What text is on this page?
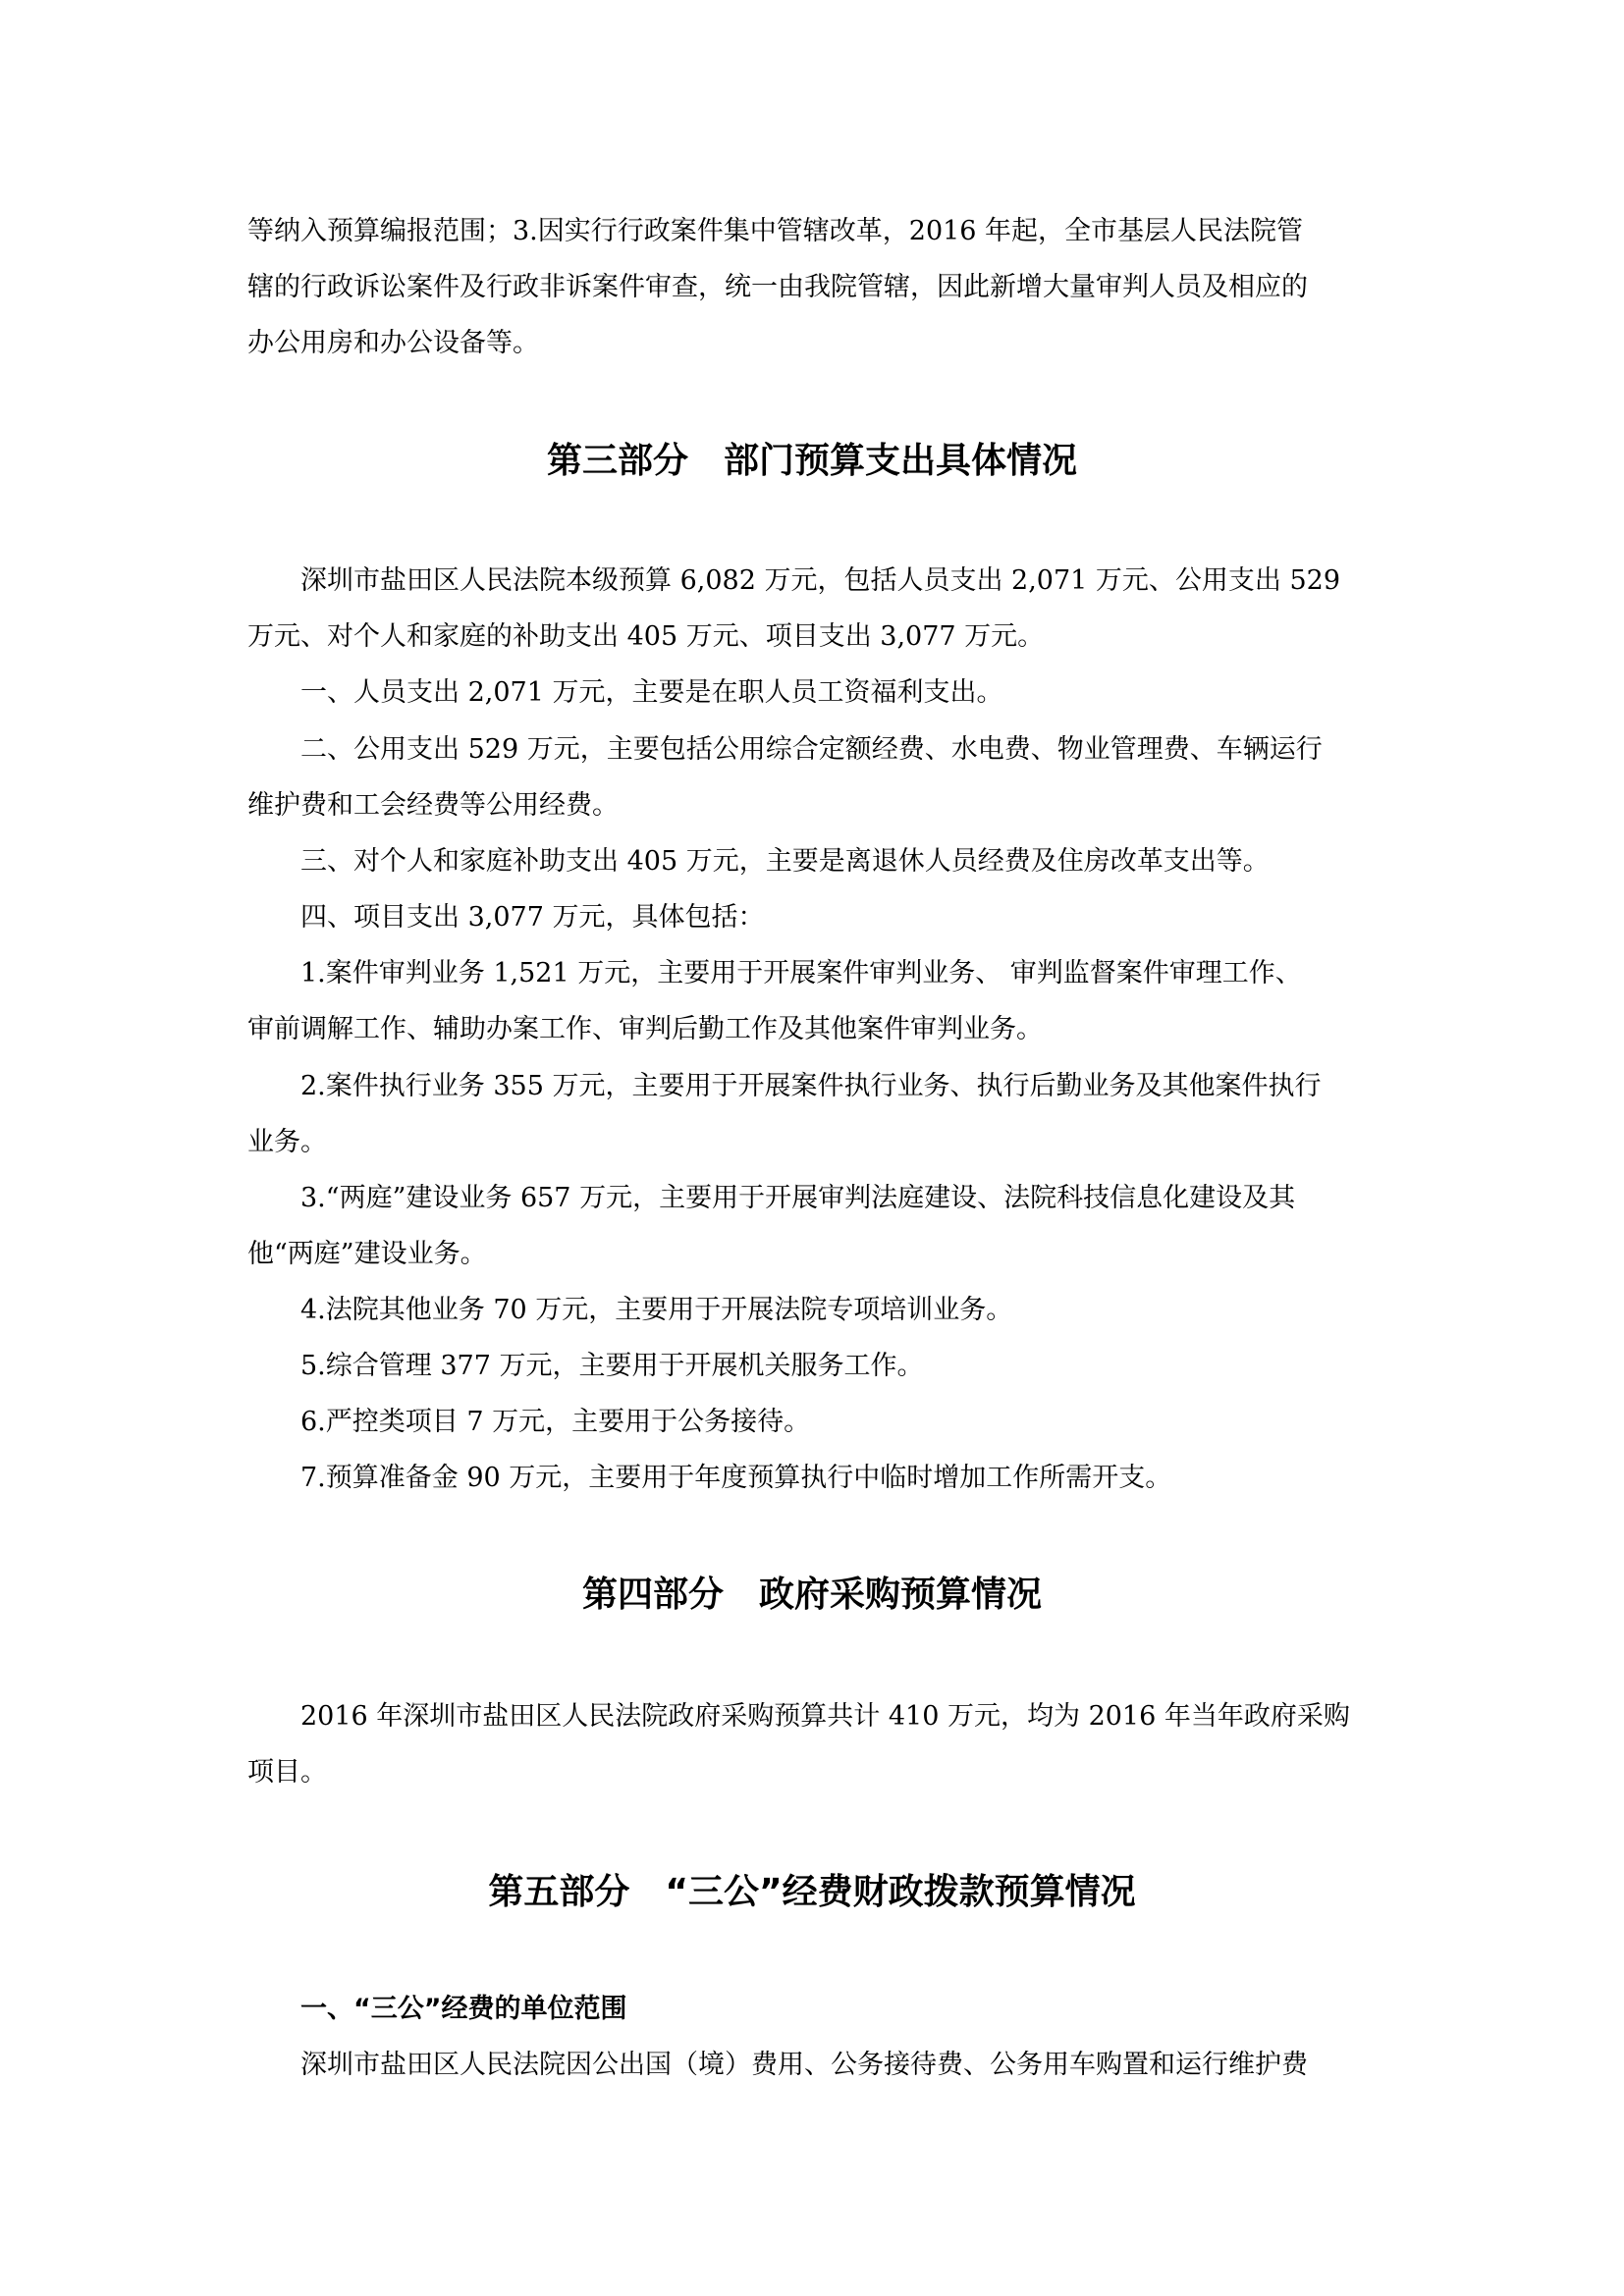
等纳入预算编报范围；3.因实行行政案件集中管辖改革，2016 年起，全市基层人民法院管
辖的行政诉讼案件及行政非诉案件审查，统一由我院管辖，因此新增大量审判人员及相应的
办公用房和办公设备等。
第三部分　部门预算支出具体情况
深圳市盐田区人民法院本级预算 6,082 万元，包括人员支出 2,071 万元、公用支出 529
万元、对个人和家庭的补助支出 405 万元、项目支出 3,077 万元。
一、人员支出 2,071 万元，主要是在职人员工资福利支出。
二、公用支出 529 万元，主要包括公用综合定额经费、水电费、物业管理费、车辆运行
维护费和工会经费等公用经费。
三、对个人和家庭补助支出 405 万元，主要是离退休人员经费及住房改革支出等。
四、项目支出 3,077 万元，具体包括：
1.案件审判业务 1,521 万元，主要用于开展案件审判业务、 审判监督案件审理工作、
审前调解工作、辅助办案工作、审判后勤工作及其他案件审判业务。
2.案件执行业务 355 万元，主要用于开展案件执行业务、执行后勤业务及其他案件执行
业务。
3.“两庭”建设业务 657 万元，主要用于开展审判法庭建设、法院科技信息化建设及其
他“两庭”建设业务。
4.法院其他业务 70 万元，主要用于开展法院专项培训业务。
5.综合管理 377 万元，主要用于开展机关服务工作。
6.严控类项目 7 万元，主要用于公务接待。
7.预算准备金 90 万元，主要用于年度预算执行中临时增加工作所需开支。
第四部分　政府采购预算情况
2016 年深圳市盐田区人民法院政府采购预算共计 410 万元，均为 2016 年当年政府采购
项目。
第五部分　“三公”经费财政拨款预算情况
一、“三公”经费的单位范围
深圳市盐田区人民法院因公出国（境）费用、公务接待费、公务用车购置和运行维护费
